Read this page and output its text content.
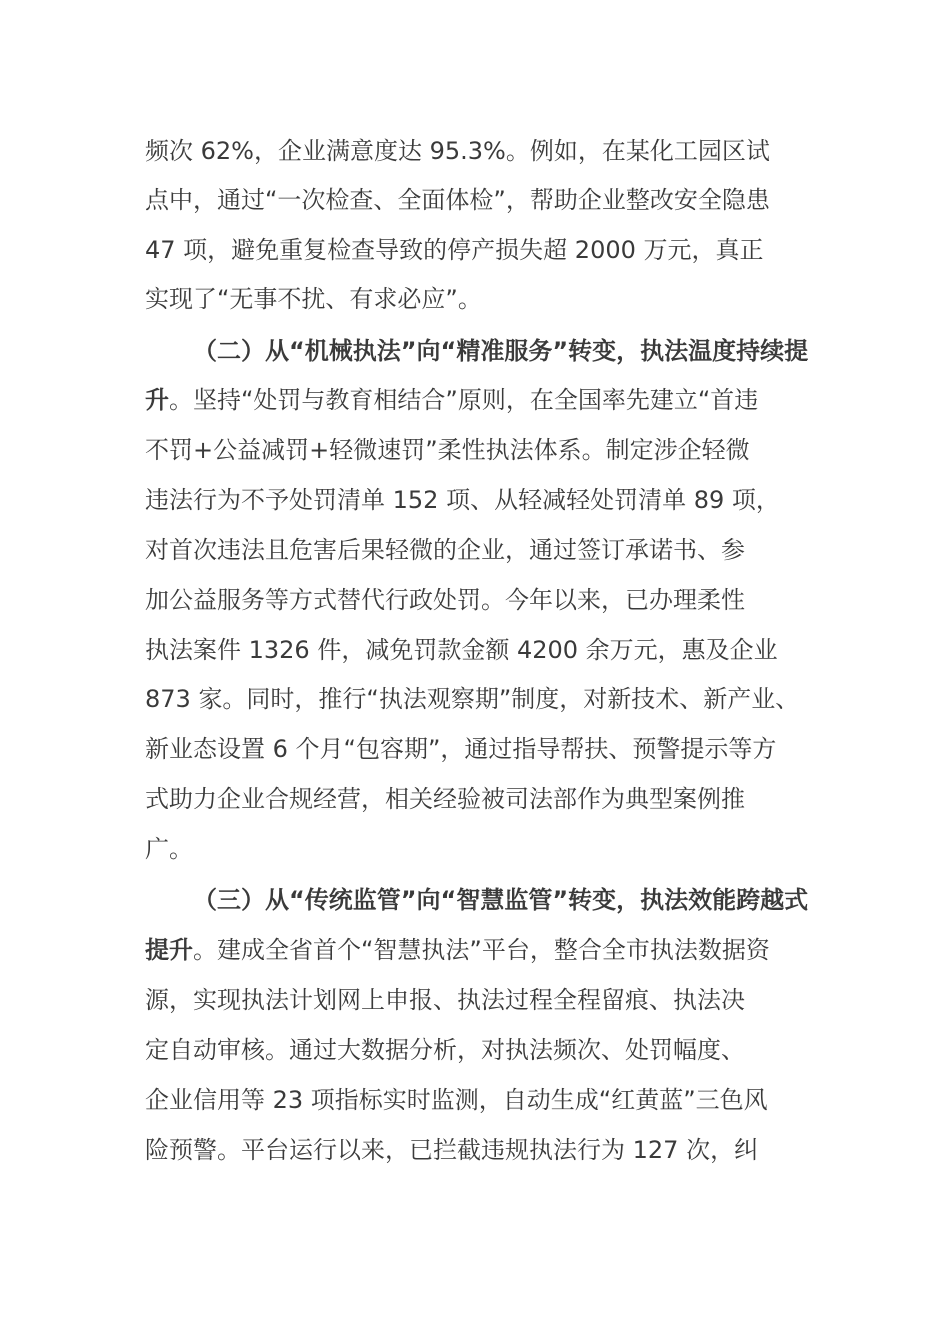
频次 62%，企业满意度达 95.3%。例如，在某化工园区试

点中，通过“一次检查、全面体检”，帮助企业整改安全隐患

47 项，避免重复检查导致的停产损失超 2000 万元，真正

实现了“无事不扰、有求必应”。

（二）从“机械执法”向“精准服务”转变，执法温度持续提

升。坚持“处罚与教育相结合”原则，在全国率先建立“首违

不罚+公益减罚+轻微速罚”柔性执法体系。制定涉企轻微

违法行为不予处罚清单 152 项、从轻减轻处罚清单 89 项，

对首次违法且危害后果轻微的企业，通过签订承诺书、参

加公益服务等方式替代行政处罚。今年以来，已办理柔性

执法案件 1326 件，减免罚款金额 4200 余万元，惠及企业

873 家。同时，推行“执法观察期”制度，对新技术、新产业、

新业态设置 6 个月“包容期”，通过指导帮扶、预警提示等方

式助力企业合规经营，相关经验被司法部作为典型案例推

广。

（三）从“传统监管”向“智慧监管”转变，执法效能跨越式

提升。建成全省首个“智慧执法”平台，整合全市执法数据资

源，实现执法计划网上申报、执法过程全程留痕、执法决

定自动审核。通过大数据分析，对执法频次、处罚幅度、

企业信用等 23 项指标实时监测，自动生成“红黄蓝”三色风

险预警。平台运行以来，已拦截违规执法行为 127 次，纠
